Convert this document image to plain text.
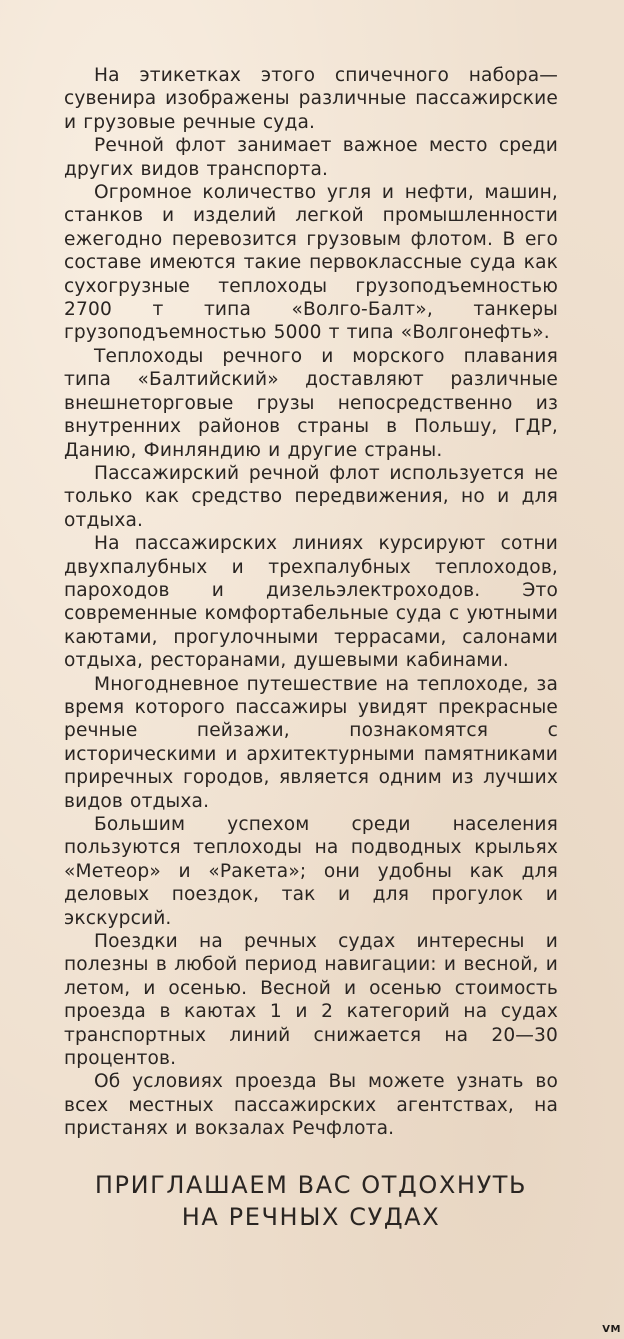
На этикетках этого спичечного набора—сувенира изображены различные пассажирские и грузовые речные суда.

Речной флот занимает важное место среди других видов транспорта.

Огромное количество угля и нефти, машин, станков и изделий легкой промышленности ежегодно перевозится грузовым флотом. В его составе имеются такие первоклассные суда как сухогрузные теплоходы грузоподъемностью 2700 т типа «Волго-Балт», танкеры грузоподъемностью 5000 т типа «Волгонефть».

Теплоходы речного и морского плавания типа «Балтийский» доставляют различные внешнеторговые грузы непосредственно из внутренних районов страны в Польшу, ГДР, Данию, Финляндию и другие страны.

Пассажирский речной флот используется не только как средство передвижения, но и для отдыха.

На пассажирских линиях курсируют сотни двухпалубных и трехпалубных теплоходов, пароходов и дизельэлектроходов. Это современные комфортабельные суда с уютными каютами, прогулочными террасами, салонами отдыха, ресторанами, душевыми кабинами.

Многодневное путешествие на теплоходе, за время которого пассажиры увидят прекрасные речные пейзажи, познакомятся с историческими и архитектурными памятниками приречных городов, является одним из лучших видов отдыха.

Большим успехом среди населения пользуются теплоходы на подводных крыльях «Метеор» и «Ракета»; они удобны как для деловых поездок, так и для прогулок и экскурсий.

Поездки на речных судах интересны и полезны в любой период навигации: и весной, и летом, и осенью. Весной и осенью стоимость проезда в каютах 1 и 2 категорий на судах транспортных линий снижается на 20—30 процентов.

Об условиях проезда Вы можете узнать во всех местных пассажирских агентствах, на пристанях и вокзалах Речфлота.

ПРИГЛАШАЕМ ВАС ОТДОХНУТЬ
НА РЕЧНЫХ СУДАХ
VM
